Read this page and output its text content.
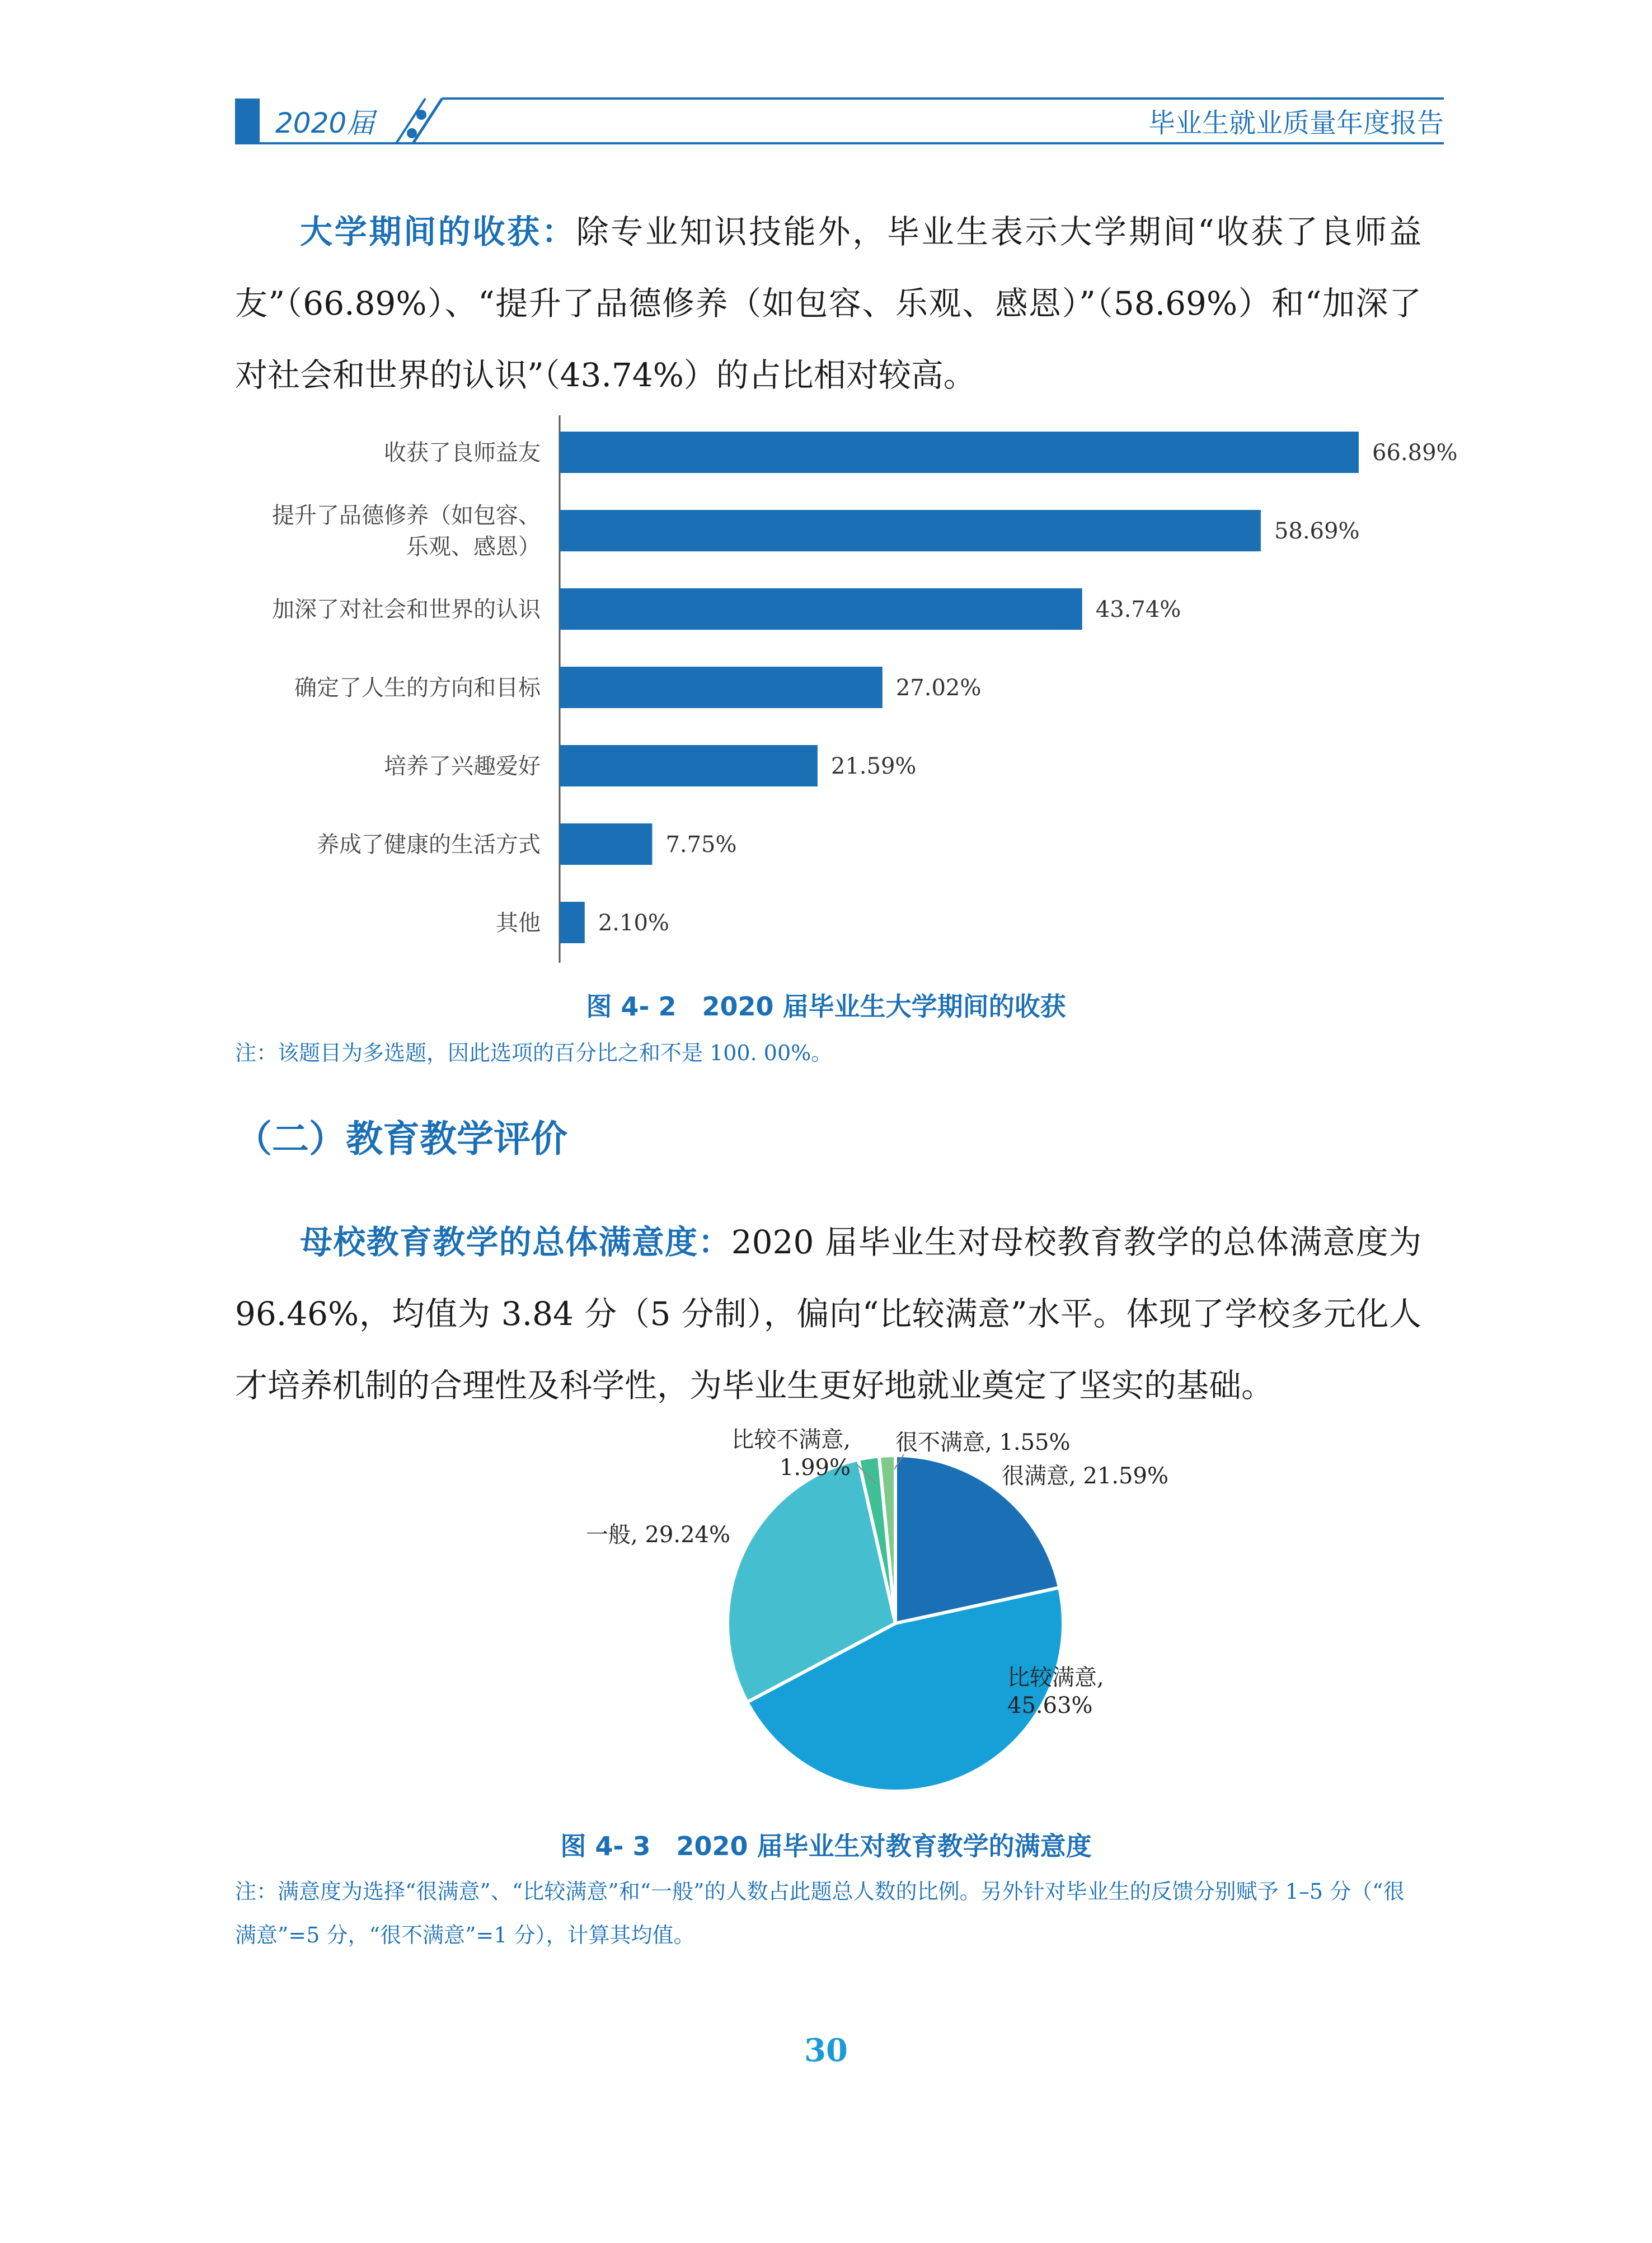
2020届	毕业生就业质量年度报告

大学期间的收获：除专业知识技能外，毕业生表示大学期间“收获了良师益友”（66.89%）、“提升了品德修养（如包容、乐观、感恩）”（58.69%）和“加深了对社会和世界的认识”（43.74%）的占比相对较高。

66.89%
收获了良师益友
58.69%
提升了品德修养（如包容、
乐观、感恩）
43.74%
加深了对社会和世界的认识
27.02%
确定了人生的方向和目标
21.59%
培养了兴趣爱好
7.75%
养成了健康的生活方式
2.10%
其他
图 4- 2　2020 届毕业生大学期间的收获

注：该题目为多选题，因此选项的百分比之和不是 100. 00%。

（二）教育教学评价

母校教育教学的总体满意度：2020 届毕业生对母校教育教学的总体满意度为 96.46%，均值为 3.84 分（5 分制），偏向“比较满意”水平。体现了学校多元化人才培养机制的合理性及科学性，为毕业生更好地就业奠定了坚实的基础。

很满意, 21.59%
比较满意,
45.63%
一般, 29.24%
比较不满意,
1.99%
很不满意, 1.55%
图 4- 3　2020 届毕业生对教育教学的满意度

注：满意度为选择“很满意”、“比较满意”和“一般”的人数占此题总人数的比例。另外针对毕业生的反馈分别赋予 1–5 分（“很满意”=5 分，“很不满意”=1 分），计算其均值。

30
